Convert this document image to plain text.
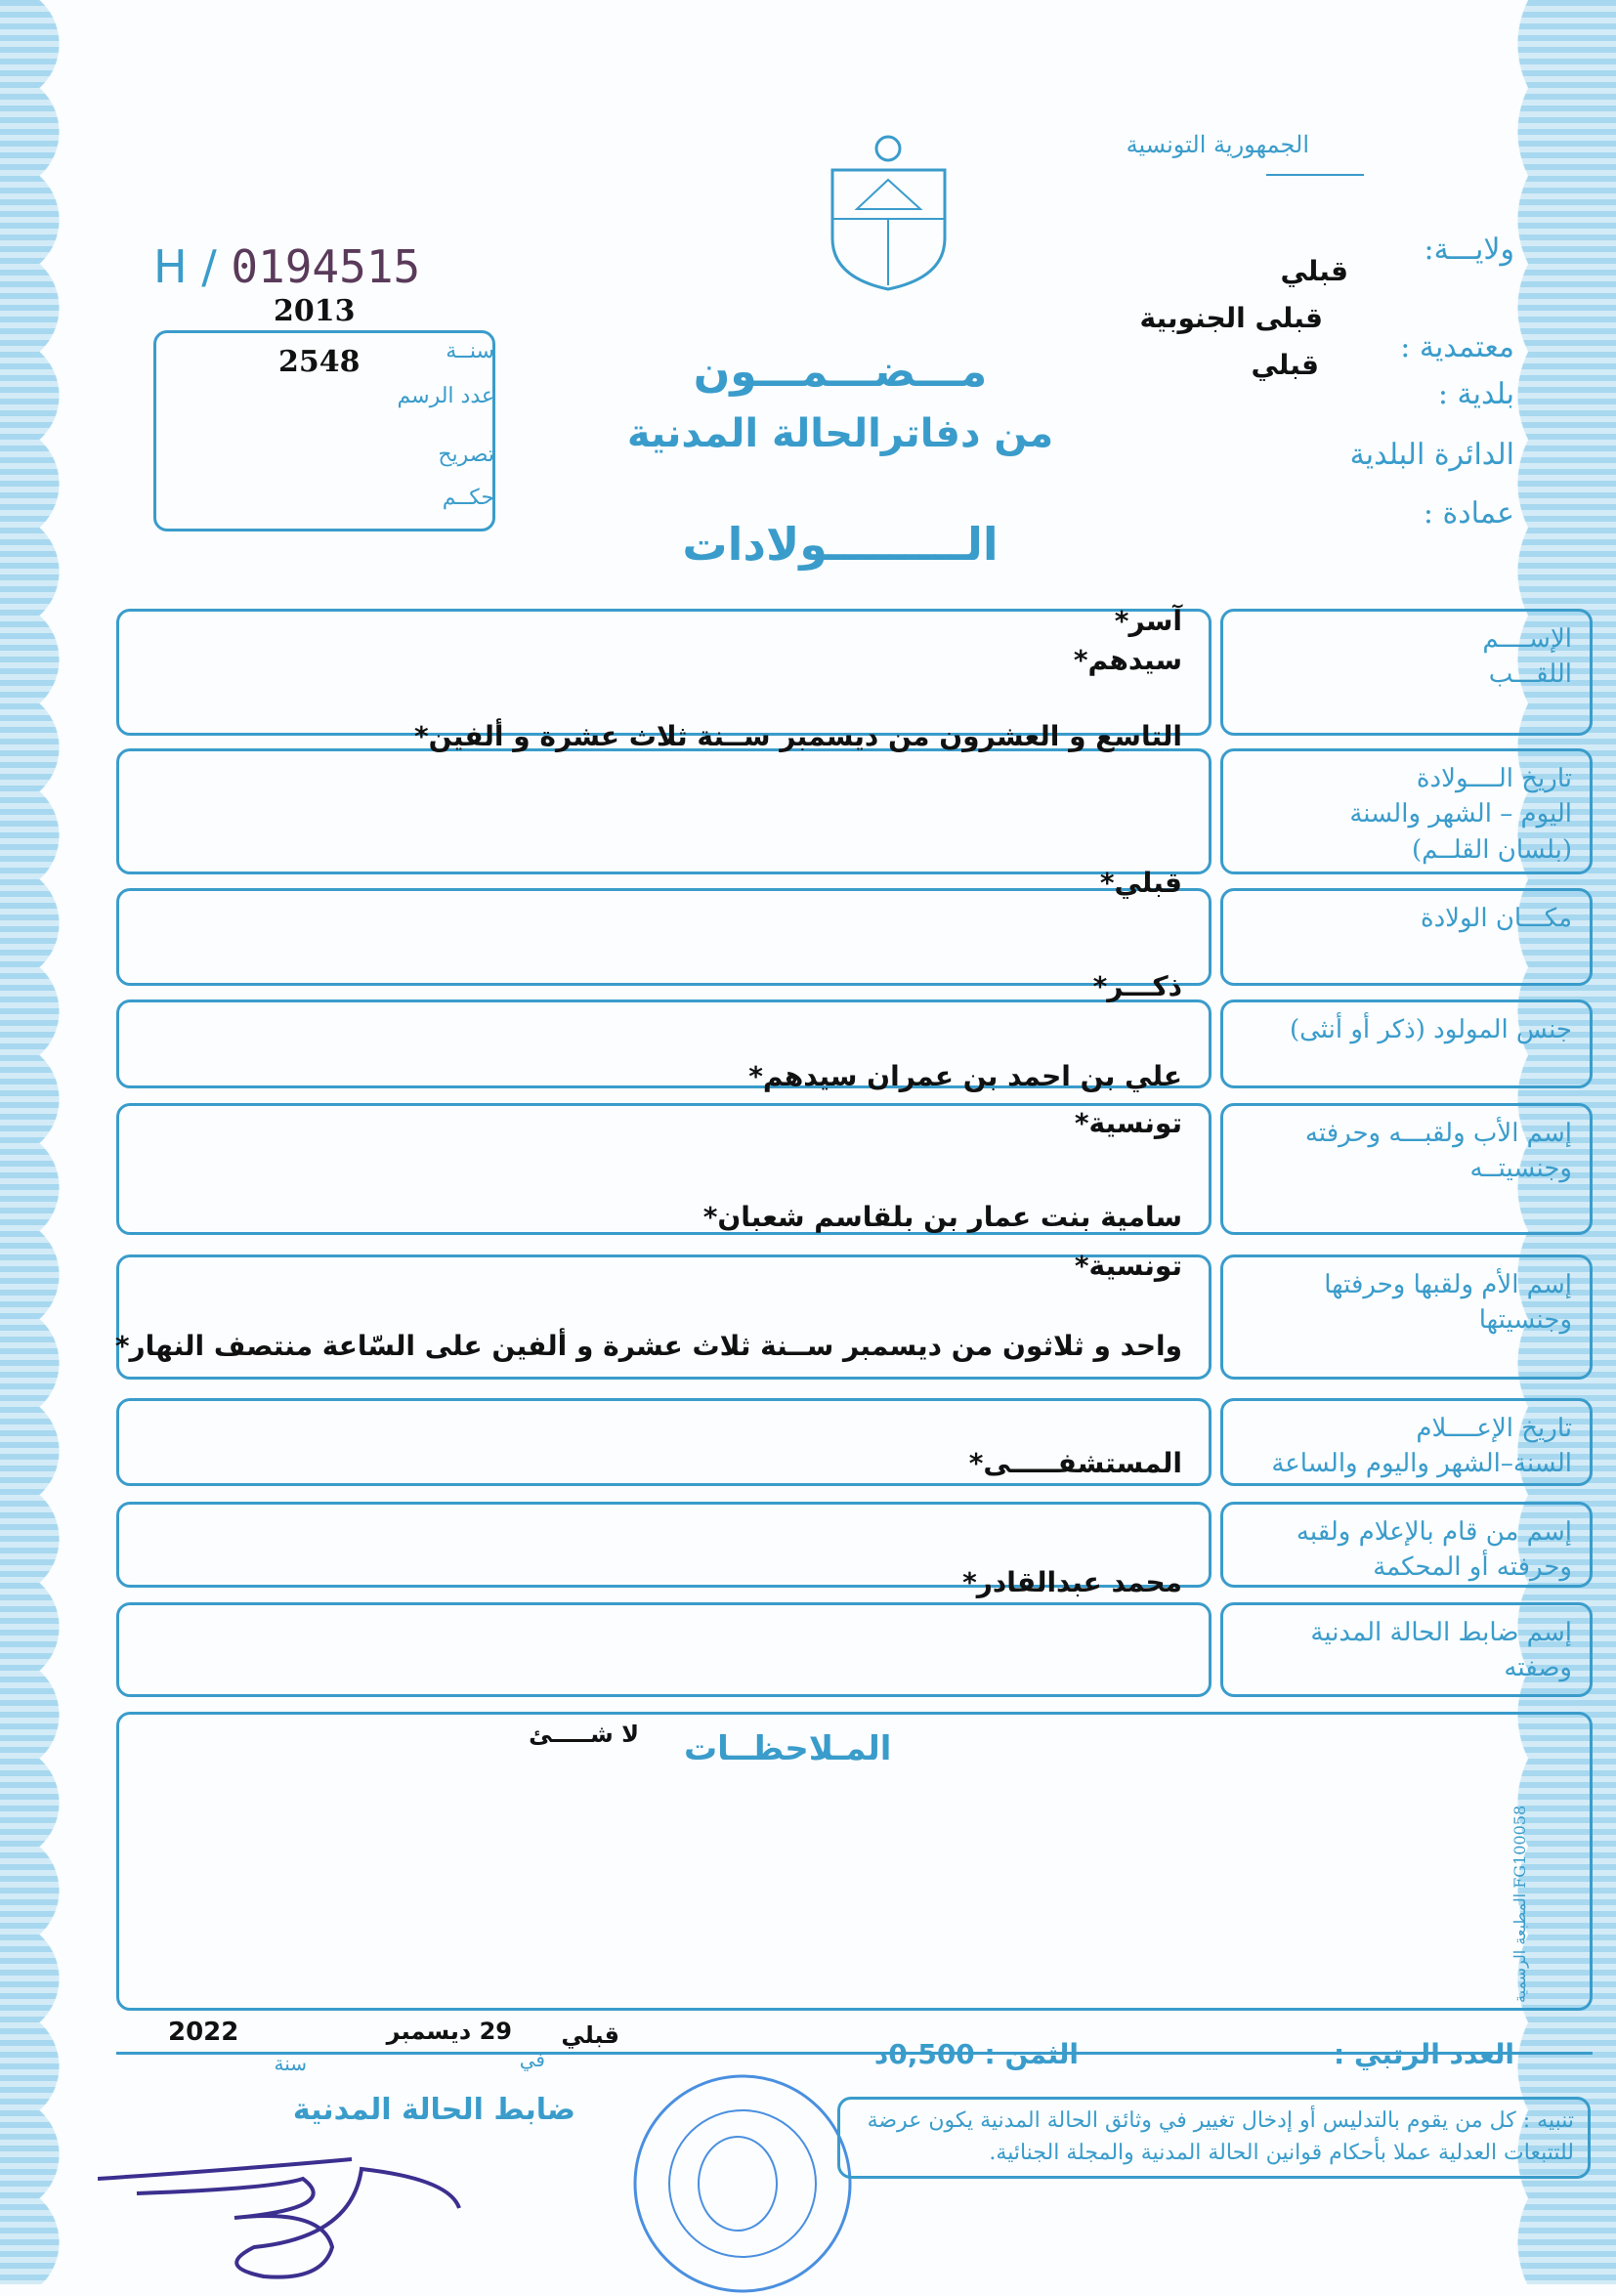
الجمهورية التونسية
ولايـــة:
معتمدية :
بلدية :
الدائرة البلدية
عمادة :
قبلي
قبلى الجنوبية
قبلي
H / 0194515
2013
2548	سنــة
عدد الرسم
تصريح
حكــم
مـــضـــمـــون
من دفاترالحالة المدنية
الـــــــــولادات
الإســــم
اللقـــب
آسر*
سيدهم*
تاريخ الــــولادة
اليوم – الشهر والسنة
(بلسان القلــم)
التاسع و العشرون من ديسمبر ســنة ثلاث عشرة و ألفين*
مكـــان الولادة
قبلي*
جنس المولود (ذكر أو أنثى)
ذكـــر*
إسم الأب ولقبـــه وحرفته
وجنسيتــه
علي بن احمد بن عمران سيدهم*
تونسية*
إسم الأم ولقبها وحرفتها
وجنسيتها
سامية بنت عمار بن بلقاسم شعبان*
تونسية*
تاريخ الإعــــلام
السنة–الشهر واليوم والساعة
واحد و ثلاثون من ديسمبر ســنة ثلاث عشرة و ألفين على السّاعة منتصف النهار*
إسم من قام بالإعلام ولقبه
وحرفته أو المحكمة
المستشفـــــى*
إسم ضابط الحالة المدنية
وصفته
محمد عبدالقادر*
المـلاحظــات
لا شـــــئ
المطبعة الرسمية FG100058
العدد الرتبي :
الثمن : 0,500د
قبلي
في
29 ديسمبر
سنة
2022
ضابط الحالة المدنية	تنبيه : كل من يقوم بالتدليس أو إدخال تغيير في وثائق الحالة المدنية يكون عرضة للتتبعات العدلية عملا بأحكام قوانين الحالة المدنية والمجلة الجنائية.
